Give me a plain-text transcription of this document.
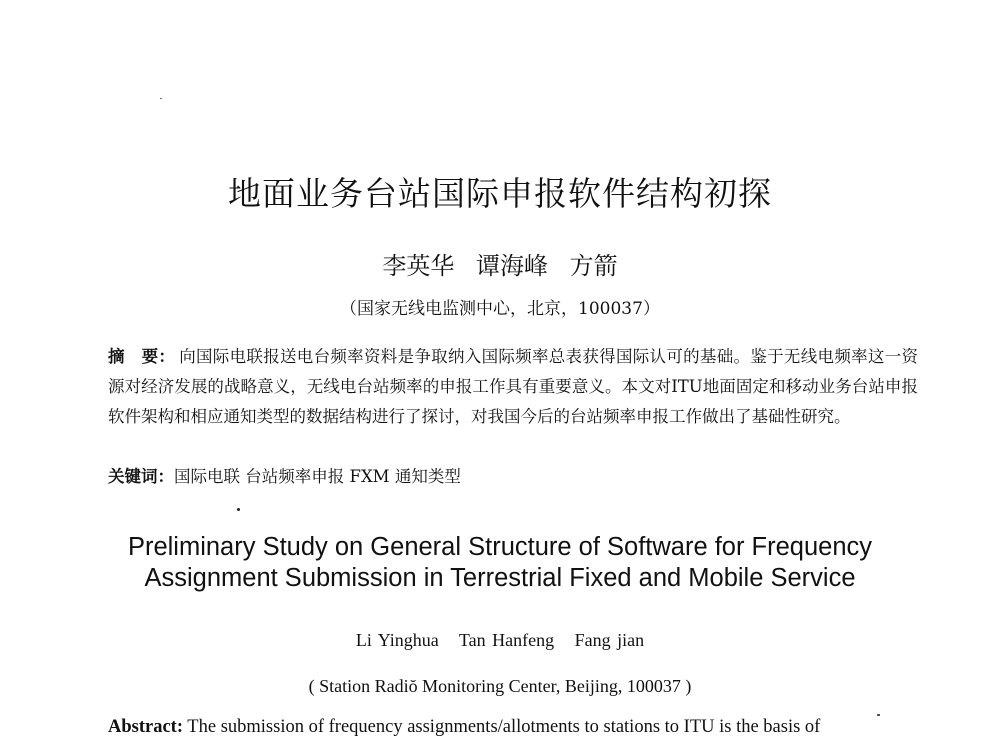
地面业务台站国际申报软件结构初探
李英华 谭海峰 方箭
（国家无线电监测中心，北京，100037）
摘　要： 向国际电联报送电台频率资料是争取纳入国际频率总表获得国际认可的基础。鉴于无线电频率这一资源对经济发展的战略意义，无线电台站频率的申报工作具有重要意义。本文对ITU地面固定和移动业务台站申报软件架构和相应通知类型的数据结构进行了探讨，对我国今后的台站频率申报工作做出了基础性研究。
关键词：国际电联 台站频率申报 FXM 通知类型
Preliminary Study on General Structure of Software for Frequency
Assignment Submission in Terrestrial Fixed and Mobile Service
Li Yinghua Tan Hanfeng Fang jian
( Station Radiŏ Monitoring Center, Beijing, 100037 )
Abstract: The submission of frequency assignments/allotments to stations to ITU is the basis of
